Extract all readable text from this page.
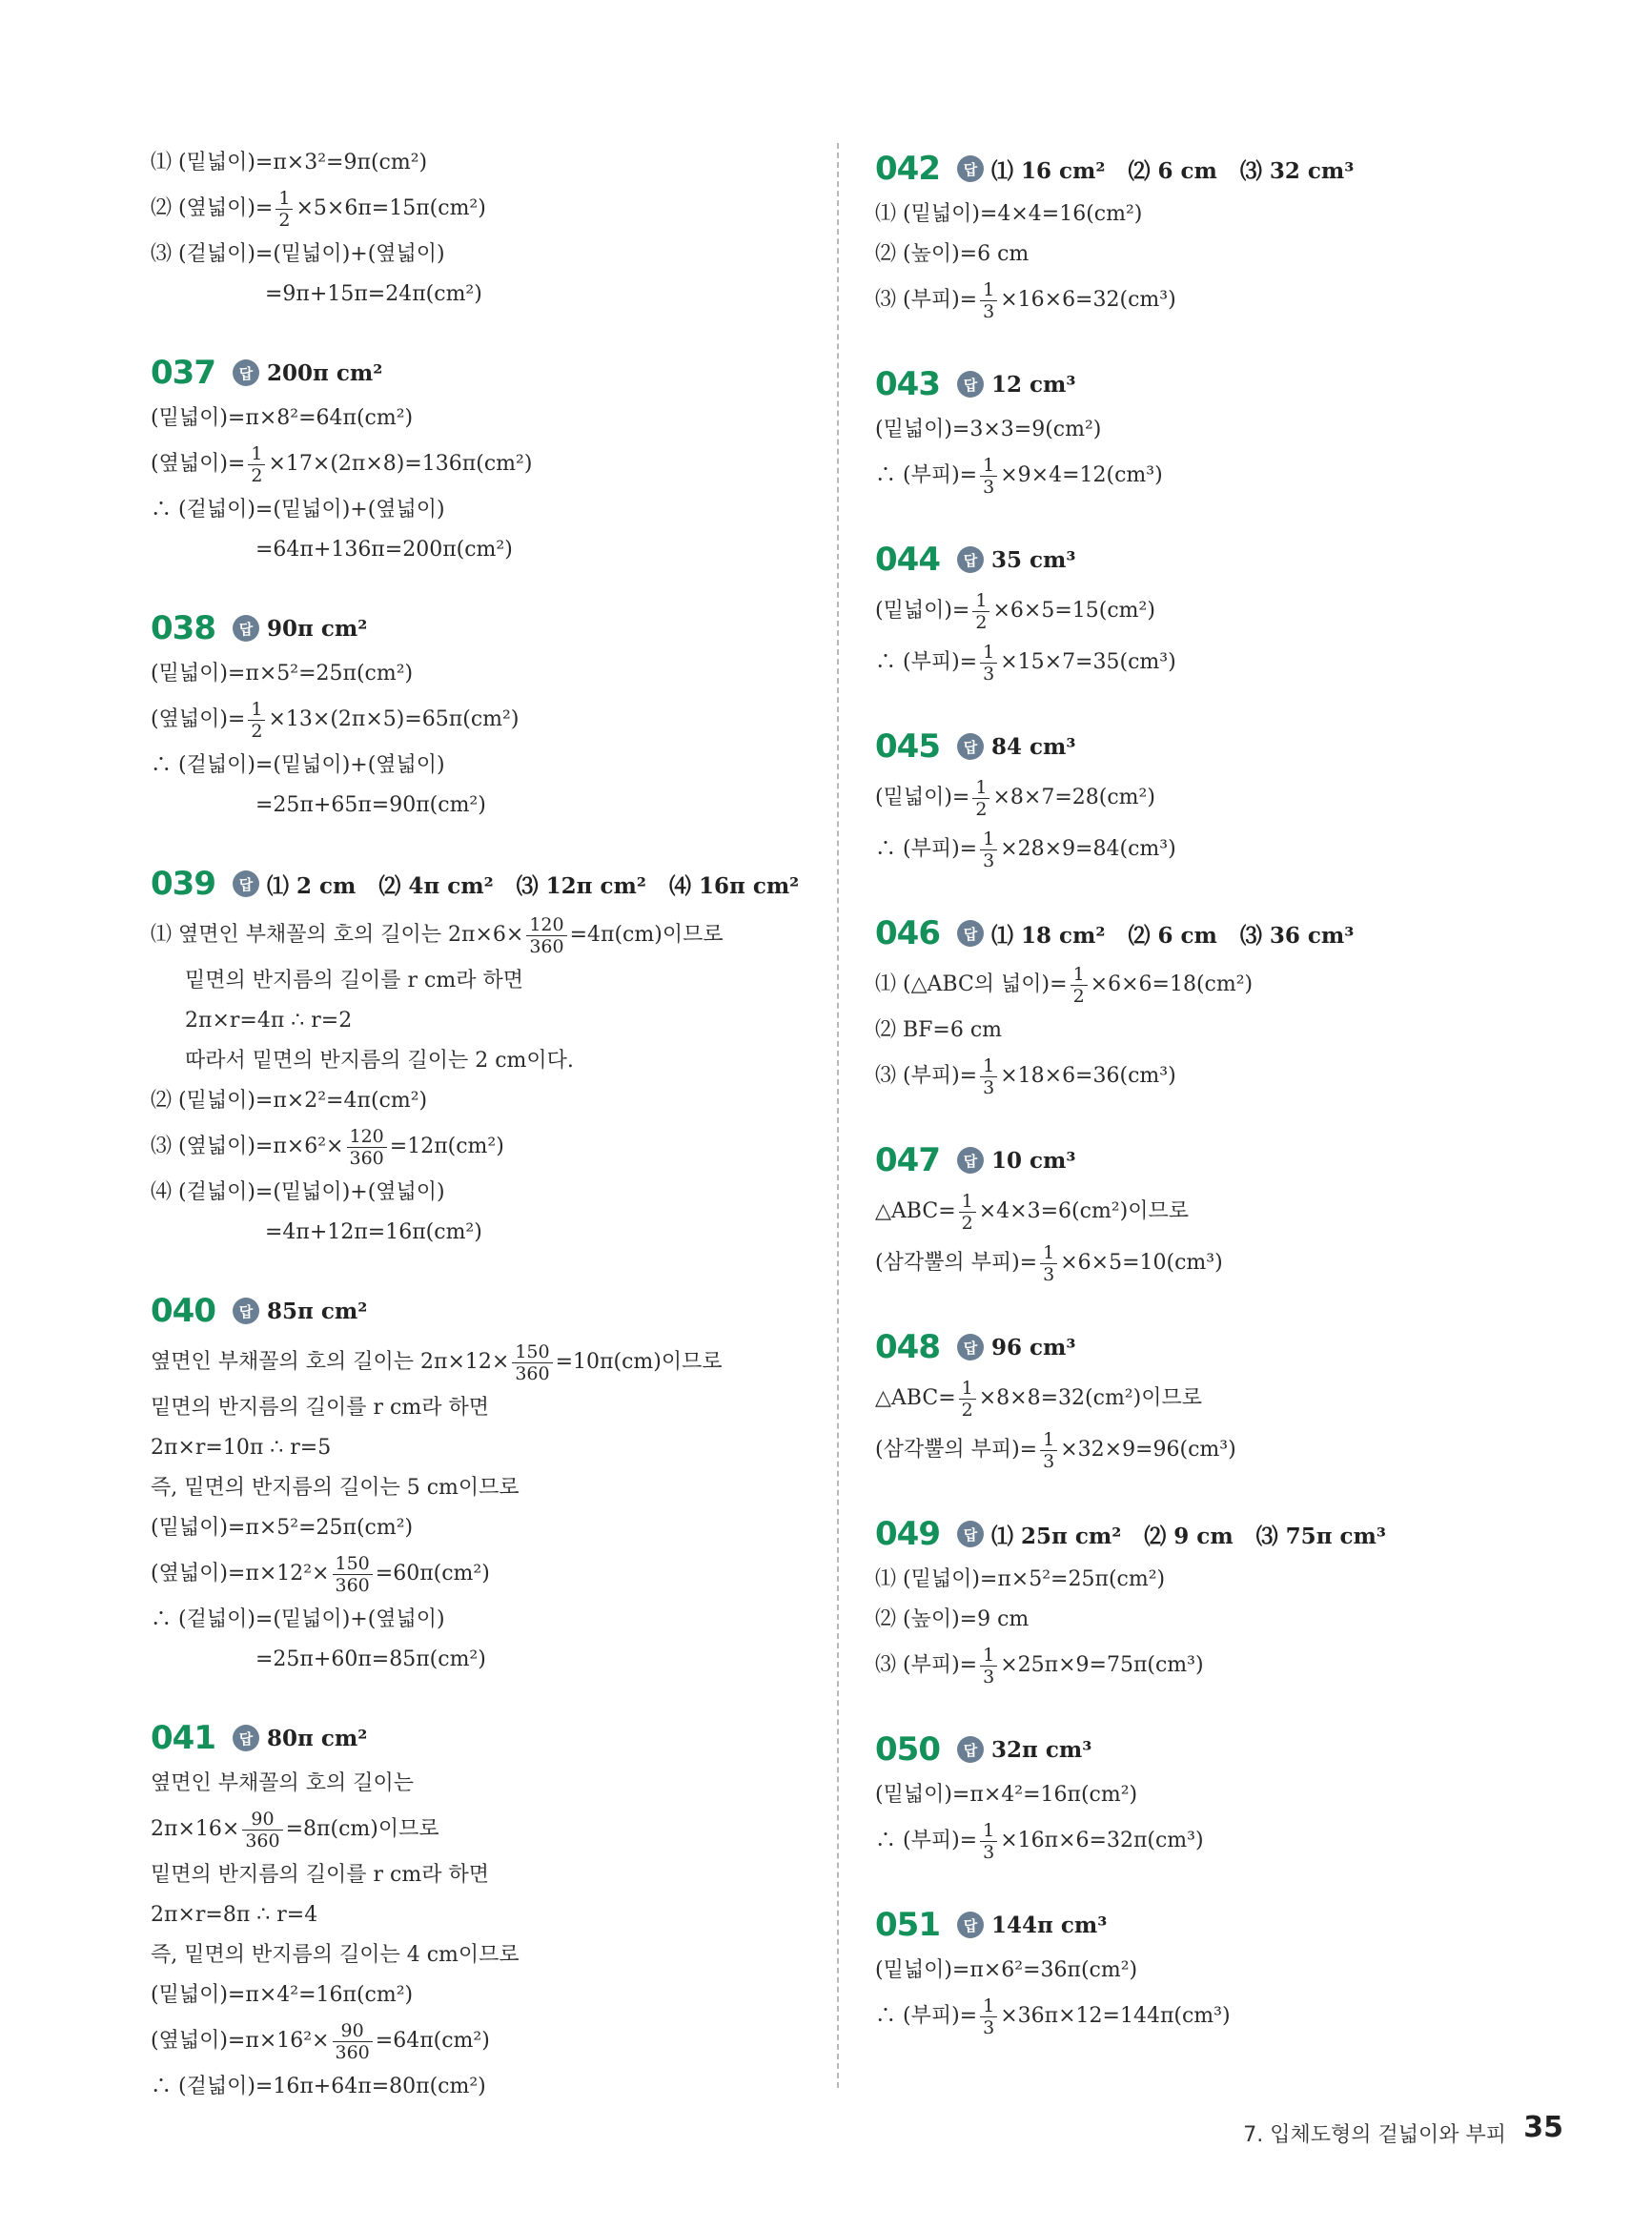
⑴ (밑넓이)=π×3²=9π(cm²)
⑵ (옆넓이)= $\frac{1}{2} \times 5\times 6\pi=15\pi(cm^2)$
⑶ (겉넓이)=(밑넓이)+(옆넓이)
=9π+15π=24π(cm²)
037	답 200π cm²
(밑넓이)=π×8²=64π(cm²)
(옆넓이)= $\frac{1}{2} \times 17\times(2\pi\times 8)=136\pi(cm^2)$
∴ (겉넓이)=(밑넓이)+(옆넓이)
=64π+136π=200π(cm²)
038	답 90π cm²
(밑넓이)=π×5²=25π(cm²)
(옆넓이)= $\frac{1}{2} \times 13\times(2\pi\times 5)=65\pi(cm^2)$
∴ (겉넓이)=(밑넓이)+(옆넓이)
=25π+65π=90π(cm²)
039	답 ⑴ 2 cm   ⑵ 4π cm²   ⑶ 12π cm²   ⑷ 16π cm²
⑴ 옆면인 부채꼴의 호의 길이는 $2\pi\times 6\times \frac{120}{360} =4\pi(cm)$이므로
밑면의 반지름의 길이를 r cm라 하면
2π×r=4π ∴ r=2
따라서 밑면의 반지름의 길이는 2 cm이다.
⑵ (밑넓이)=π×2²=4π(cm²)
⑶ (옆넓이)$=\pi\times 6^2\times \frac{120}{360} =12\pi(cm^2)$
⑷ (겉넓이)=(밑넓이)+(옆넓이)
=4π+12π=16π(cm²)
040	답 85π cm²
옆면인 부채꼴의 호의 길이는 $2\pi\times 12\times \frac{150}{360} =10\pi(cm)$이므로
밑면의 반지름의 길이를 r cm라 하면
2π×r=10π ∴ r=5
즉, 밑면의 반지름의 길이는 5 cm이므로
(밑넓이)=π×5²=25π(cm²)
(옆넓이)$=\pi\times 12^2\times \frac{150}{360} =60\pi(cm^2)$
∴ (겉넓이)=(밑넓이)+(옆넓이)
=25π+60π=85π(cm²)
041	답 80π cm²
옆면인 부채꼴의 호의 길이는
$2\pi\times 16\times \frac{90}{360} =8\pi(cm)$이므로
밑면의 반지름의 길이를 r cm라 하면
2π×r=8π ∴ r=4
즉, 밑면의 반지름의 길이는 4 cm이므로
(밑넓이)=π×4²=16π(cm²)
(옆넓이)$=\pi\times 16^2\times \frac{90}{360} =64\pi(cm^2)$
∴ (겉넓이)=16π+64π=80π(cm²)
042	답 ⑴ 16 cm²   ⑵ 6 cm   ⑶ 32 cm³
⑴ (밑넓이)=4×4=16(cm²)
⑵ (높이)=6 cm
⑶ (부피)= $\frac{1}{3} \times 16\times 6=32(cm^3)$
043	답 12 cm³
(밑넓이)=3×3=9(cm²)
∴ (부피)= $\frac{1}{3} \times 9\times 4=12(cm^3)$
044	답 35 cm³
(밑넓이)= $\frac{1}{2} \times 6\times 5=15(cm^2)$
∴ (부피)= $\frac{1}{3} \times 15\times 7=35(cm^3)$
045	답 84 cm³
(밑넓이)= $\frac{1}{2} \times 8\times 7=28(cm^2)$
∴ (부피)= $\frac{1}{3} \times 28\times 9=84(cm^3)$
046	답 ⑴ 18 cm²   ⑵ 6 cm   ⑶ 36 cm³
⑴ (△ABC의 넓이)= $\frac{1}{2} \times 6\times 6=18(cm^2)$
⑵ BF=6 cm
⑶ (부피)= $\frac{1}{3} \times 18\times 6=36(cm^3)$
047	답 10 cm³
△ABC= $\frac{1}{2} \times 4\times 3=6(cm^2)$이므로
(삼각뿔의 부피)= $\frac{1}{3} \times 6\times 5=10(cm^3)$
048	답 96 cm³
△ABC= $\frac{1}{2} \times 8\times 8=32(cm^2)$이므로
(삼각뿔의 부피)= $\frac{1}{3} \times 32\times 9=96(cm^3)$
049	답 ⑴ 25π cm²   ⑵ 9 cm   ⑶ 75π cm³
⑴ (밑넓이)=π×5²=25π(cm²)
⑵ (높이)=9 cm
⑶ (부피)= $\frac{1}{3} \times 25\pi\times 9=75\pi(cm^3)$
050	답 32π cm³
(밑넓이)=π×4²=16π(cm²)
∴ (부피)= $\frac{1}{3} \times 16\pi\times 6=32\pi(cm^3)$
051	답 144π cm³
(밑넓이)=π×6²=36π(cm²)
∴ (부피)= $\frac{1}{3} \times 36\pi\times 12=144\pi(cm^3)$
7. 입체도형의 겉넓이와 부피 35
